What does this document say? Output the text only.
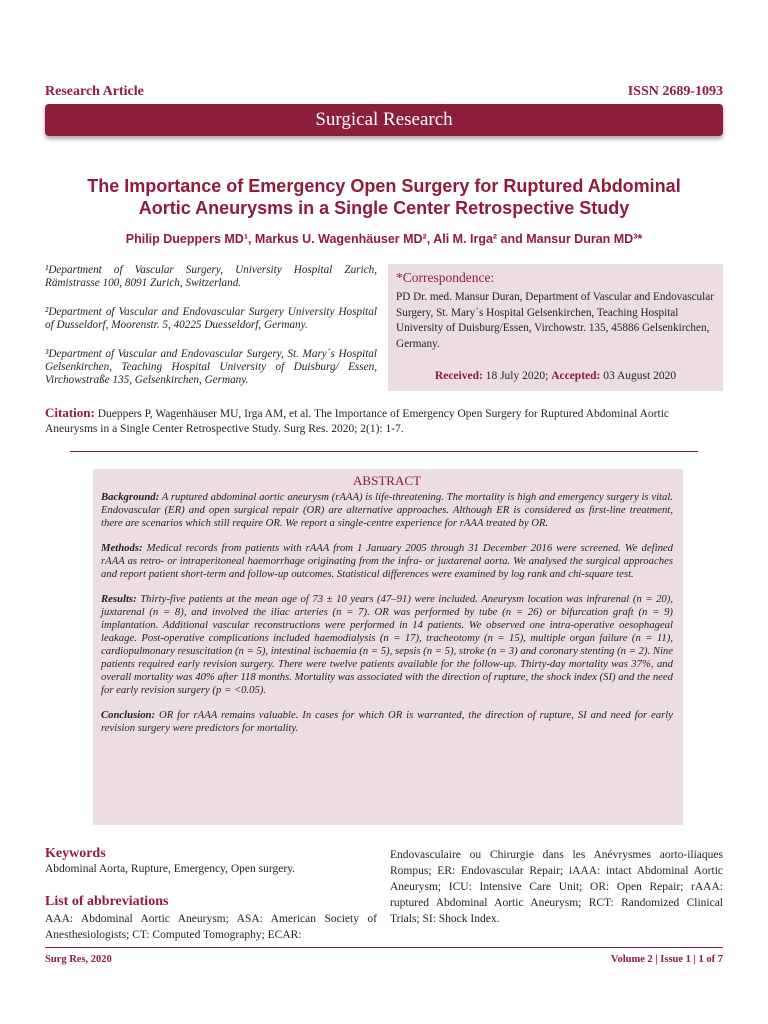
Research Article	ISSN 2689-1093
Surgical Research
The Importance of Emergency Open Surgery for Ruptured Abdominal
Aortic Aneurysms in a Single Center Retrospective Study
Philip Dueppers MD¹, Markus U. Wagenhäuser MD², Ali M. Irga² and Mansur Duran MD³*
¹Department of Vascular Surgery, University Hospital Zurich, Rämistrasse 100, 8091 Zurich, Switzerland.
²Department of Vascular and Endovascular Surgery University Hospital of Dusseldorf, Moorenstr. 5, 40225 Duesseldorf, Germany.
³Department of Vascular and Endovascular Surgery, St. Mary´s Hospital Gelsenkirchen, Teaching Hospital University of Duisburg/ Essen, Virchowstraße 135, Gelsenkirchen, Germany.
*Correspondence:
PD Dr. med. Mansur Duran, Department of Vascular and Endovascular Surgery, St. Mary´s Hospital Gelsenkirchen, Teaching Hospital University of Duisburg/Essen, Virchowstr. 135, 45886 Gelsenkirchen, Germany.
Received: 18 July 2020; Accepted: 03 August 2020
Citation: Dueppers P, Wagenhäuser MU, Irga AM, et al. The Importance of Emergency Open Surgery for Ruptured Abdominal Aortic Aneurysms in a Single Center Retrospective Study. Surg Res. 2020; 2(1): 1-7.
ABSTRACT

Background: A ruptured abdominal aortic aneurysm (rAAA) is life-threatening. The mortality is high and emergency surgery is vital. Endovascular (ER) and open surgical repair (OR) are alternative approaches. Although ER is considered as first-line treatment, there are scenarios which still require OR. We report a single-centre experience for rAAA treated by OR.

Methods: Medical records from patients with rAAA from 1 January 2005 through 31 December 2016 were screened. We defined rAAA as retro- or intraperitoneal haemorrhage originating from the infra- or juxtarenal aorta. We analysed the surgical approaches and report patient short-term and follow-up outcomes. Statistical differences were examined by log rank and chi-square test.

Results: Thirty-five patients at the mean age of 73 ± 10 years (47–91) were included. Aneurysm location was infrarenal (n = 20), juxtarenal (n = 8), and involved the iliac arteries (n = 7). OR was performed by tube (n = 26) or bifurcation graft (n = 9) implantation. Additional vascular reconstructions were performed in 14 patients. We observed one intra-operative oesophageal leakage. Post-operative complications included haemodialysis (n = 17), tracheotomy (n = 15), multiple organ failure (n = 11), cardiopulmonary resuscitation (n = 5), intestinal ischaemia (n = 5), sepsis (n = 5), stroke (n = 3) and coronary stenting (n = 2). Nine patients required early revision surgery. There were twelve patients available for the follow-up. Thirty-day mortality was 37%, and overall mortality was 40% after 118 months. Mortality was associated with the direction of rupture, the shock index (SI) and the need for early revision surgery (p = <0.05).

Conclusion: OR for rAAA remains valuable. In cases for which OR is warranted, the direction of rupture, SI and need for early revision surgery were predictors for mortality.

Keywords
Abdominal Aorta, Rupture, Emergency, Open surgery.
List of abbreviations
AAA: Abdominal Aortic Aneurysm; ASA: American Society of Anesthesiologists; CT: Computed Tomography; ECAR:
Endovasculaire ou Chirurgie dans les Anévrysmes aorto-iliaques Rompus; ER: Endovascular Repair; iAAA: intact Abdominal Aortic Aneurysm; ICU: Intensive Care Unit; OR: Open Repair; rAAA: ruptured Abdominal Aortic Aneurysm; RCT: Randomized Clinical Trials; SI: Shock Index.
Surg Res, 2020	Volume 2 | Issue 1 | 1 of 7
